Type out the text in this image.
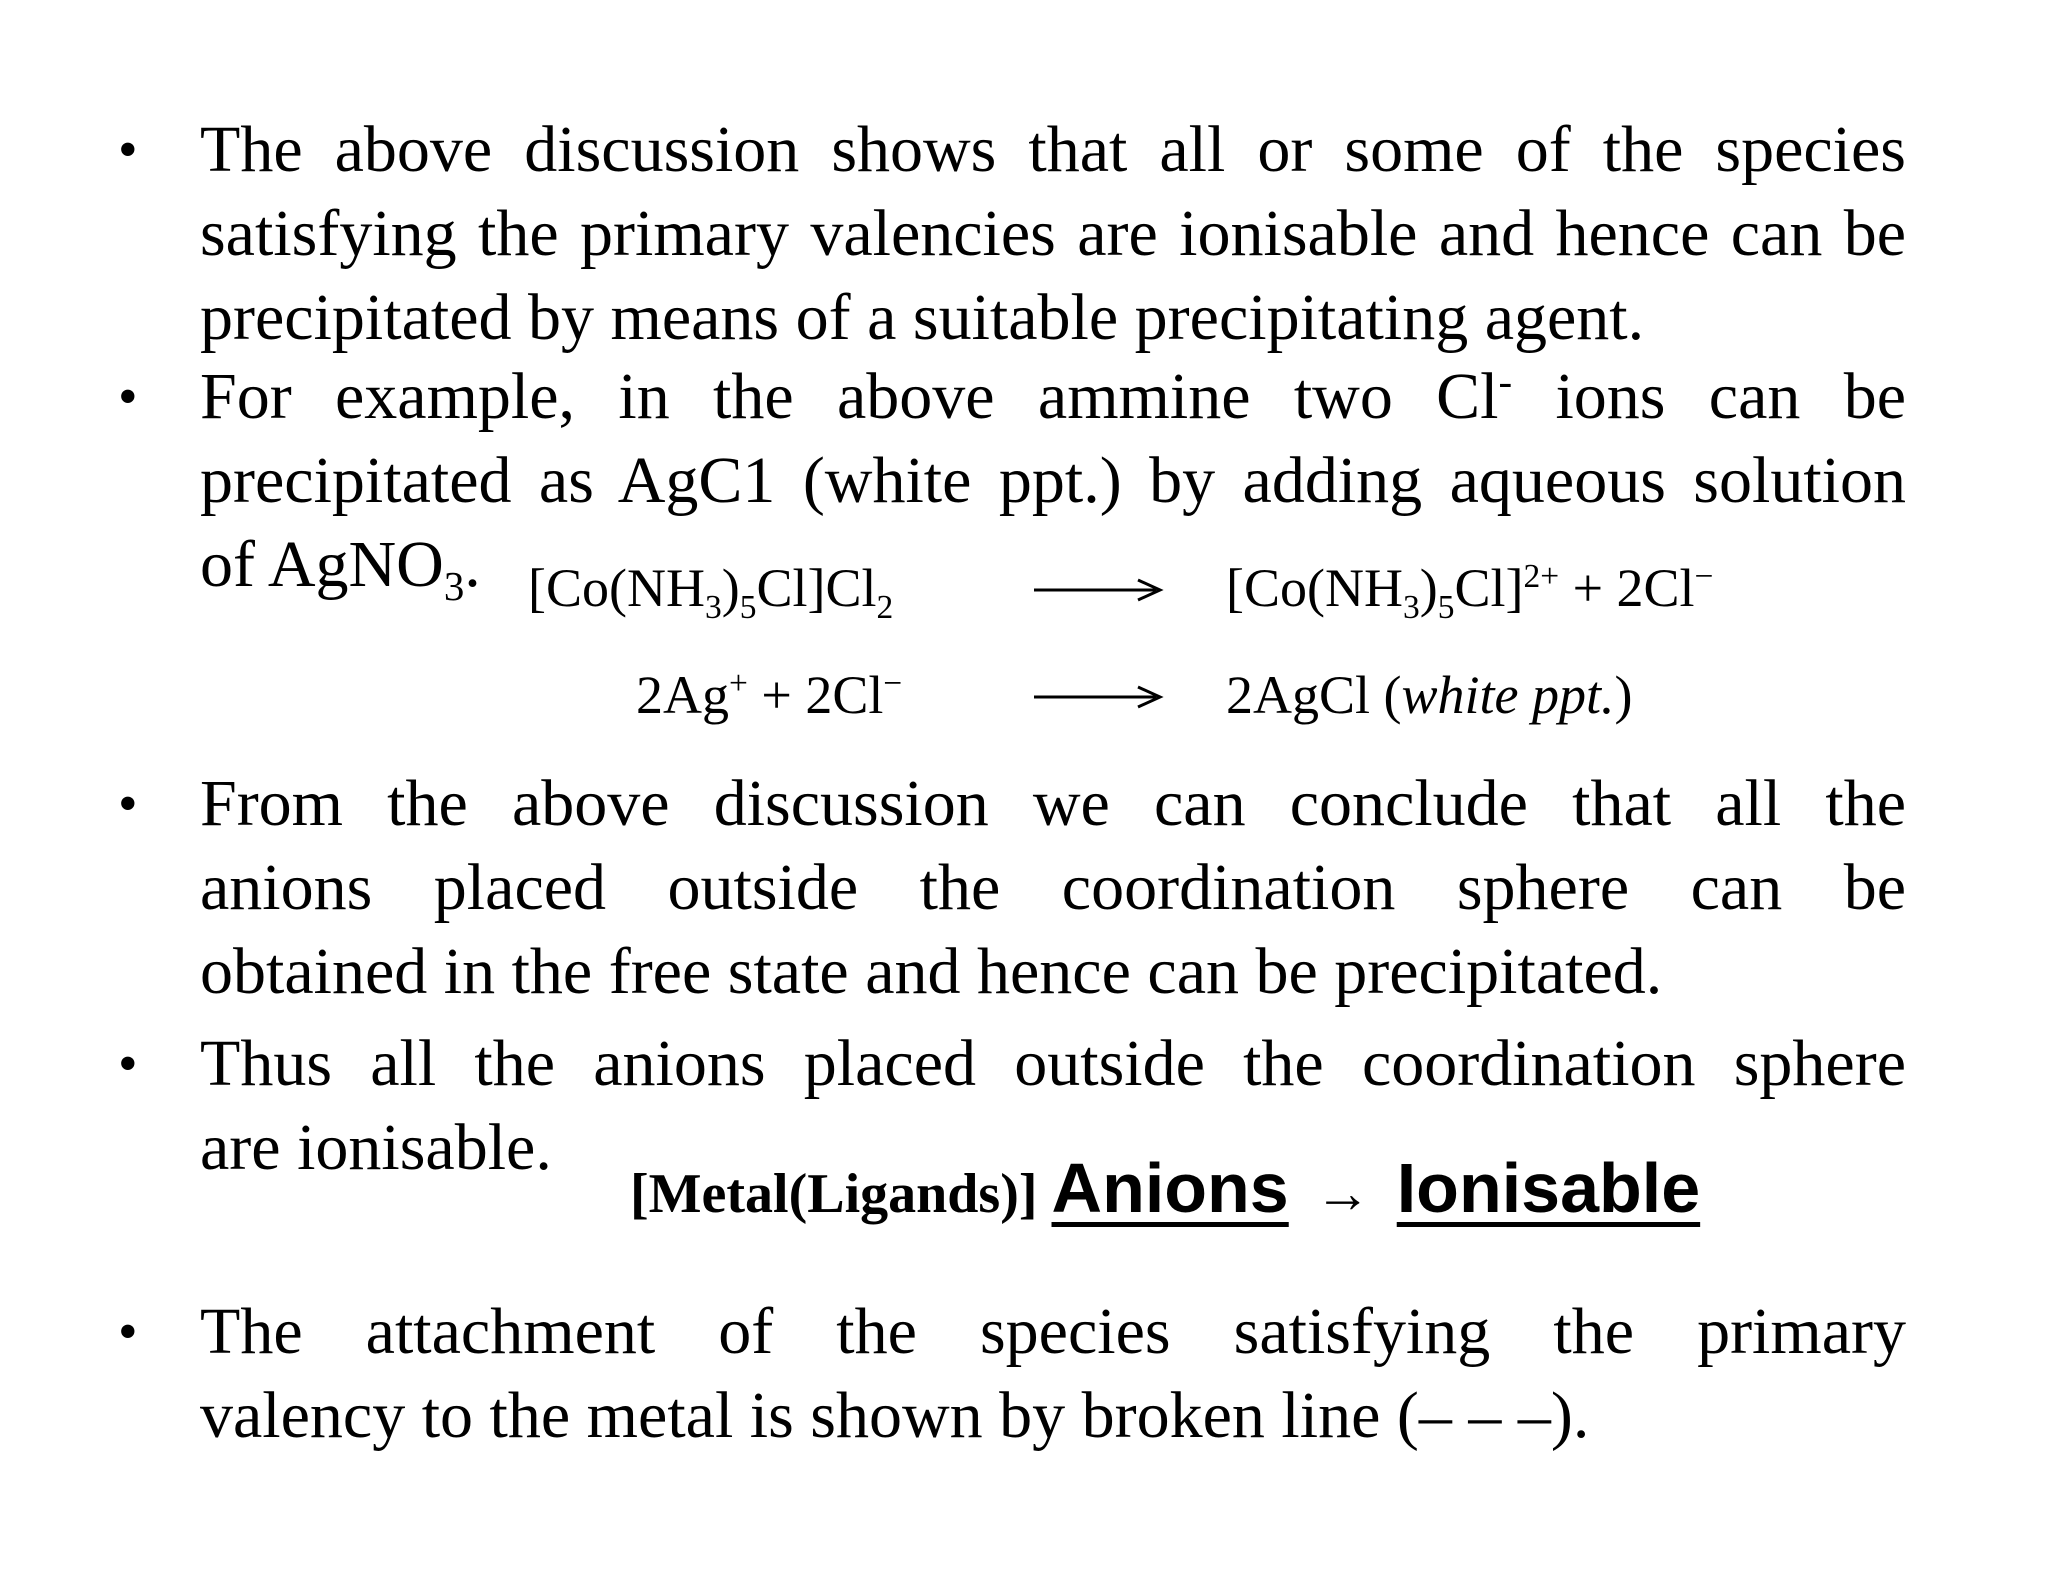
• The above discussion shows that all or some of the species
satisfying the primary valencies are ionisable and hence can be
precipitated by means of a suitable precipitating agent.

• For example, in the above ammine two Cl- ions can be
precipitated as AgC1 (white ppt.) by adding aqueous solution
of AgNO$_3$. $[Co(NH_3)_5Cl]Cl_2$	$[Co(NH_3)_5Cl]^{2+} + 2Cl^-$
2Ag+ + 2Cl−	2AgCl (white ppt.)
• From the above discussion we can conclude that all the
anions placed outside the coordination sphere can be
obtained in the free state and hence can be precipitated.

• Thus all the anions placed outside the coordination sphere
are ionisable.

[Metal(Ligands)] Anions → Ionisable
• The attachment of the species satisfying the primary
valency to the metal is shown by broken line (– – –).
